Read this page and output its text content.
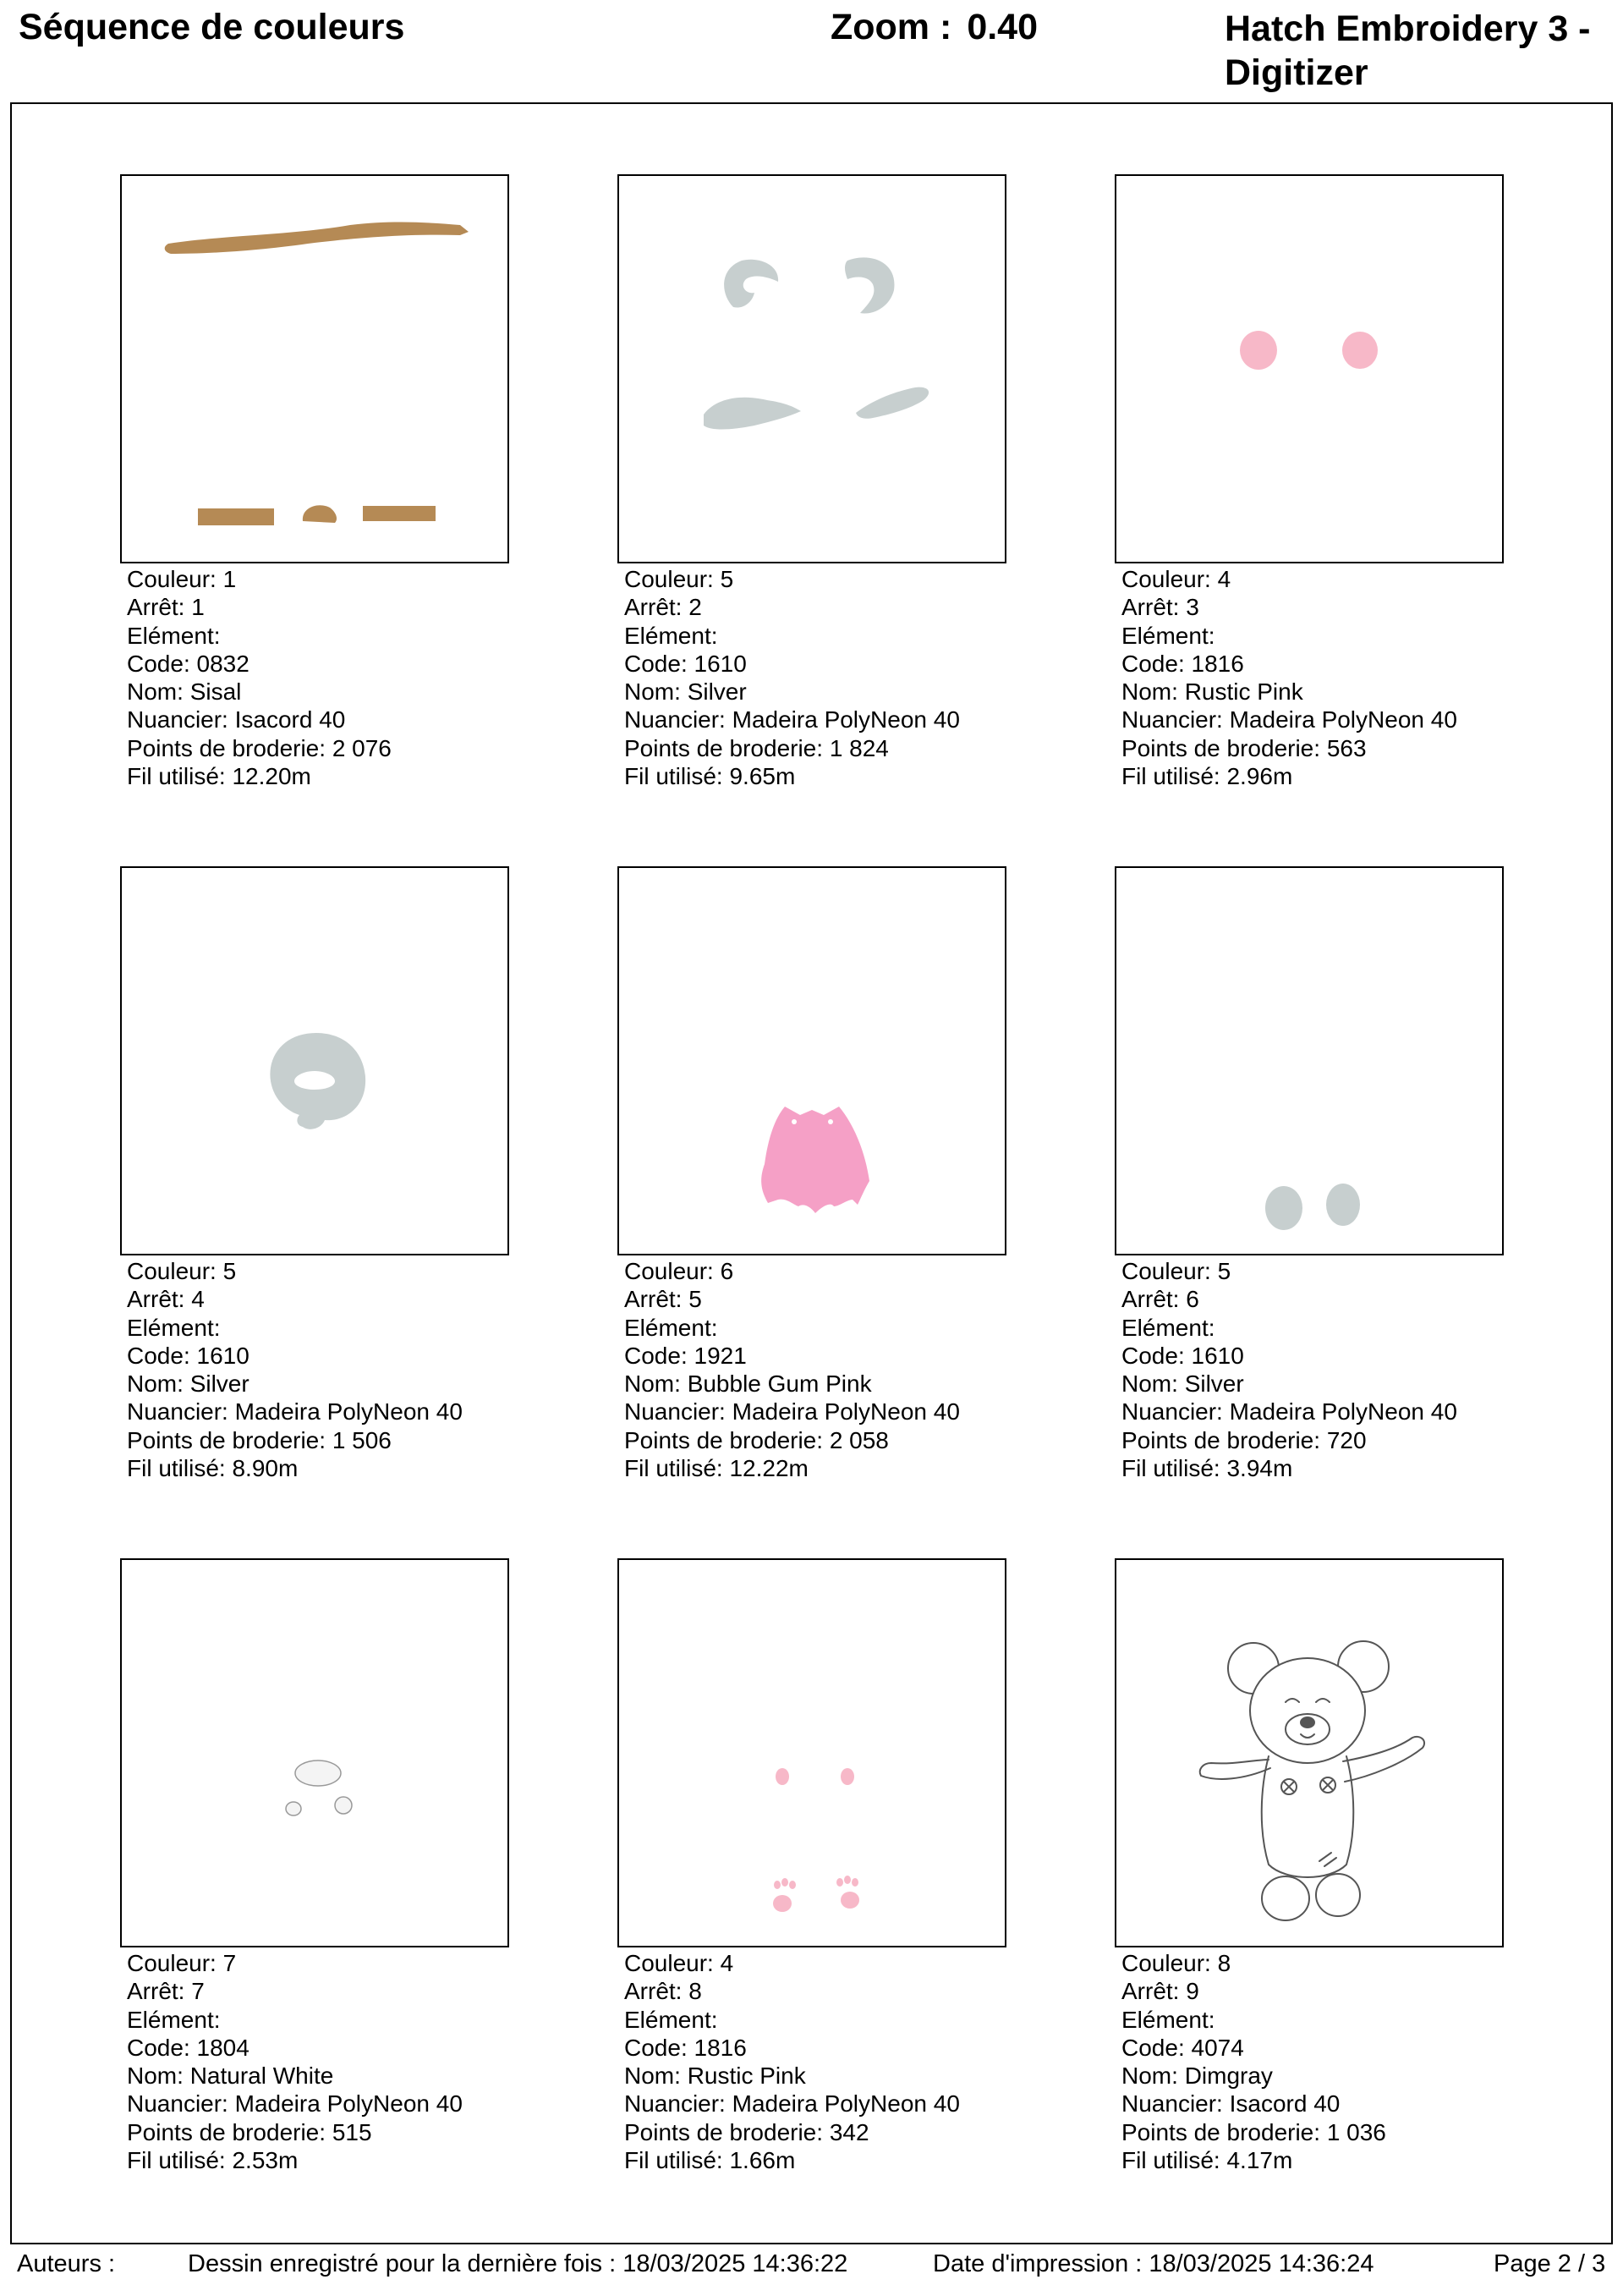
Séquence de couleurs	Zoom : 0.40	Hatch Embroidery 3 -
Digitizer
Couleur: 1
Arrêt: 1
Elément:
Code: 0832
Nom: Sisal
Nuancier: Isacord 40
Points de broderie: 2 076
Fil utilisé: 12.20m
Couleur: 5
Arrêt: 2
Elément:
Code: 1610
Nom: Silver
Nuancier: Madeira PolyNeon 40
Points de broderie: 1 824
Fil utilisé: 9.65m
Couleur: 4
Arrêt: 3
Elément:
Code: 1816
Nom: Rustic Pink
Nuancier: Madeira PolyNeon 40
Points de broderie: 563
Fil utilisé: 2.96m
Couleur: 5
Arrêt: 4
Elément:
Code: 1610
Nom: Silver
Nuancier: Madeira PolyNeon 40
Points de broderie: 1 506
Fil utilisé: 8.90m
Couleur: 6
Arrêt: 5
Elément:
Code: 1921
Nom: Bubble Gum Pink
Nuancier: Madeira PolyNeon 40
Points de broderie: 2 058
Fil utilisé: 12.22m
Couleur: 5
Arrêt: 6
Elément:
Code: 1610
Nom: Silver
Nuancier: Madeira PolyNeon 40
Points de broderie: 720
Fil utilisé: 3.94m
Couleur: 7
Arrêt: 7
Elément:
Code: 1804
Nom: Natural White
Nuancier: Madeira PolyNeon 40
Points de broderie: 515
Fil utilisé: 2.53m
Couleur: 4
Arrêt: 8
Elément:
Code: 1816
Nom: Rustic Pink
Nuancier: Madeira PolyNeon 40
Points de broderie: 342
Fil utilisé: 1.66m
Couleur: 8
Arrêt: 9
Elément:
Code: 4074
Nom: Dimgray
Nuancier: Isacord 40
Points de broderie: 1 036
Fil utilisé: 4.17m
Auteurs :	Dessin enregistré pour la dernière fois : 18/03/2025 14:36:22	Date d'impression : 18/03/2025 14:36:24	Page 2 / 3
